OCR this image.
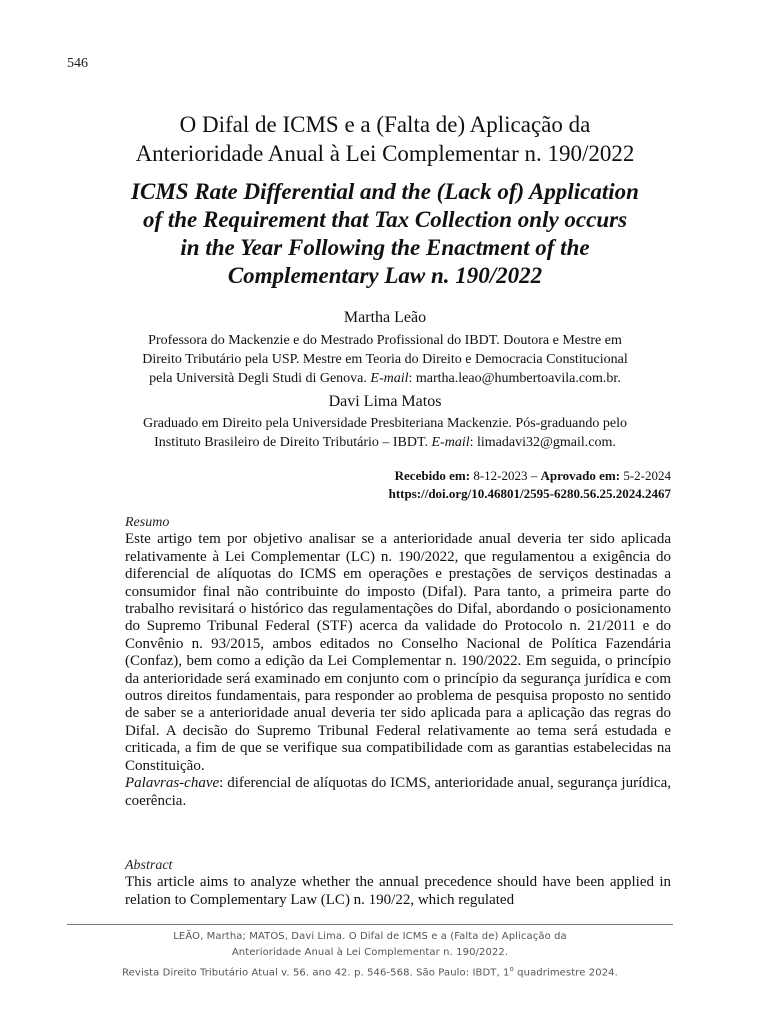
546
O Difal de ICMS e a (Falta de) Aplicação da
Anterioridade Anual à Lei Complementar n. 190/2022
ICMS Rate Differential and the (Lack of) Application
of the Requirement that Tax Collection only occurs
in the Year Following the Enactment of the
Complementary Law n. 190/2022
Martha Leão
Professora do Mackenzie e do Mestrado Profissional do IBDT. Doutora e Mestre em
Direito Tributário pela USP. Mestre em Teoria do Direito e Democracia Constitucional
pela Università Degli Studi di Genova. E-mail: martha.leao@humbertoavila.com.br.
Davi Lima Matos
Graduado em Direito pela Universidade Presbiteriana Mackenzie. Pós-graduando pelo
Instituto Brasileiro de Direito Tributário – IBDT. E-mail: limadavi32@gmail.com.
Recebido em: 8-12-2023 – Aprovado em: 5-2-2024
https://doi.org/10.46801/2595-6280.56.25.2024.2467
Resumo

Este artigo tem por objetivo analisar se a anterioridade anual deveria ter sido aplicada relativamente à Lei Complementar (LC) n. 190/2022, que regulamentou a exigência do diferencial de alíquotas do ICMS em operações e prestações de serviços destinadas a consumidor final não contribuinte do imposto (Difal). Para tanto, a primeira parte do trabalho revisitará o histórico das regulamentações do Difal, abordando o posicionamento do Supremo Tribunal Federal (STF) acerca da validade do Protocolo n. 21/2011 e do Convênio n. 93/2015, ambos editados no Conselho Nacional de Política Fazendária (Confaz), bem como a edição da Lei Complementar n. 190/2022. Em seguida, o princípio da anterioridade será examinado em conjunto com o princípio da segurança jurídica e com outros direitos fundamentais, para responder ao problema de pesquisa proposto no sentido de saber se a anterioridade anual deveria ter sido aplicada para a aplicação das regras do Difal. A decisão do Supremo Tribunal Federal relativamente ao tema será estudada e criticada, a fim de que se verifique sua compatibilidade com as garantias estabelecidas na Constituição.

Palavras-chave: diferencial de alíquotas do ICMS, anterioridade anual, segurança jurídica, coerência.

Abstract

This article aims to analyze whether the annual precedence should have been applied in relation to Complementary Law (LC) n. 190/22, which regulated

LEÃO, Martha; MATOS, Davi Lima. O Difal de ICMS e a (Falta de) Aplicação da
Anterioridade Anual à Lei Complementar n. 190/2022.
Revista Direito Tributário Atual v. 56. ano 42. p. 546-568. São Paulo: IBDT, 1$^o$ quadrimestre 2024.
